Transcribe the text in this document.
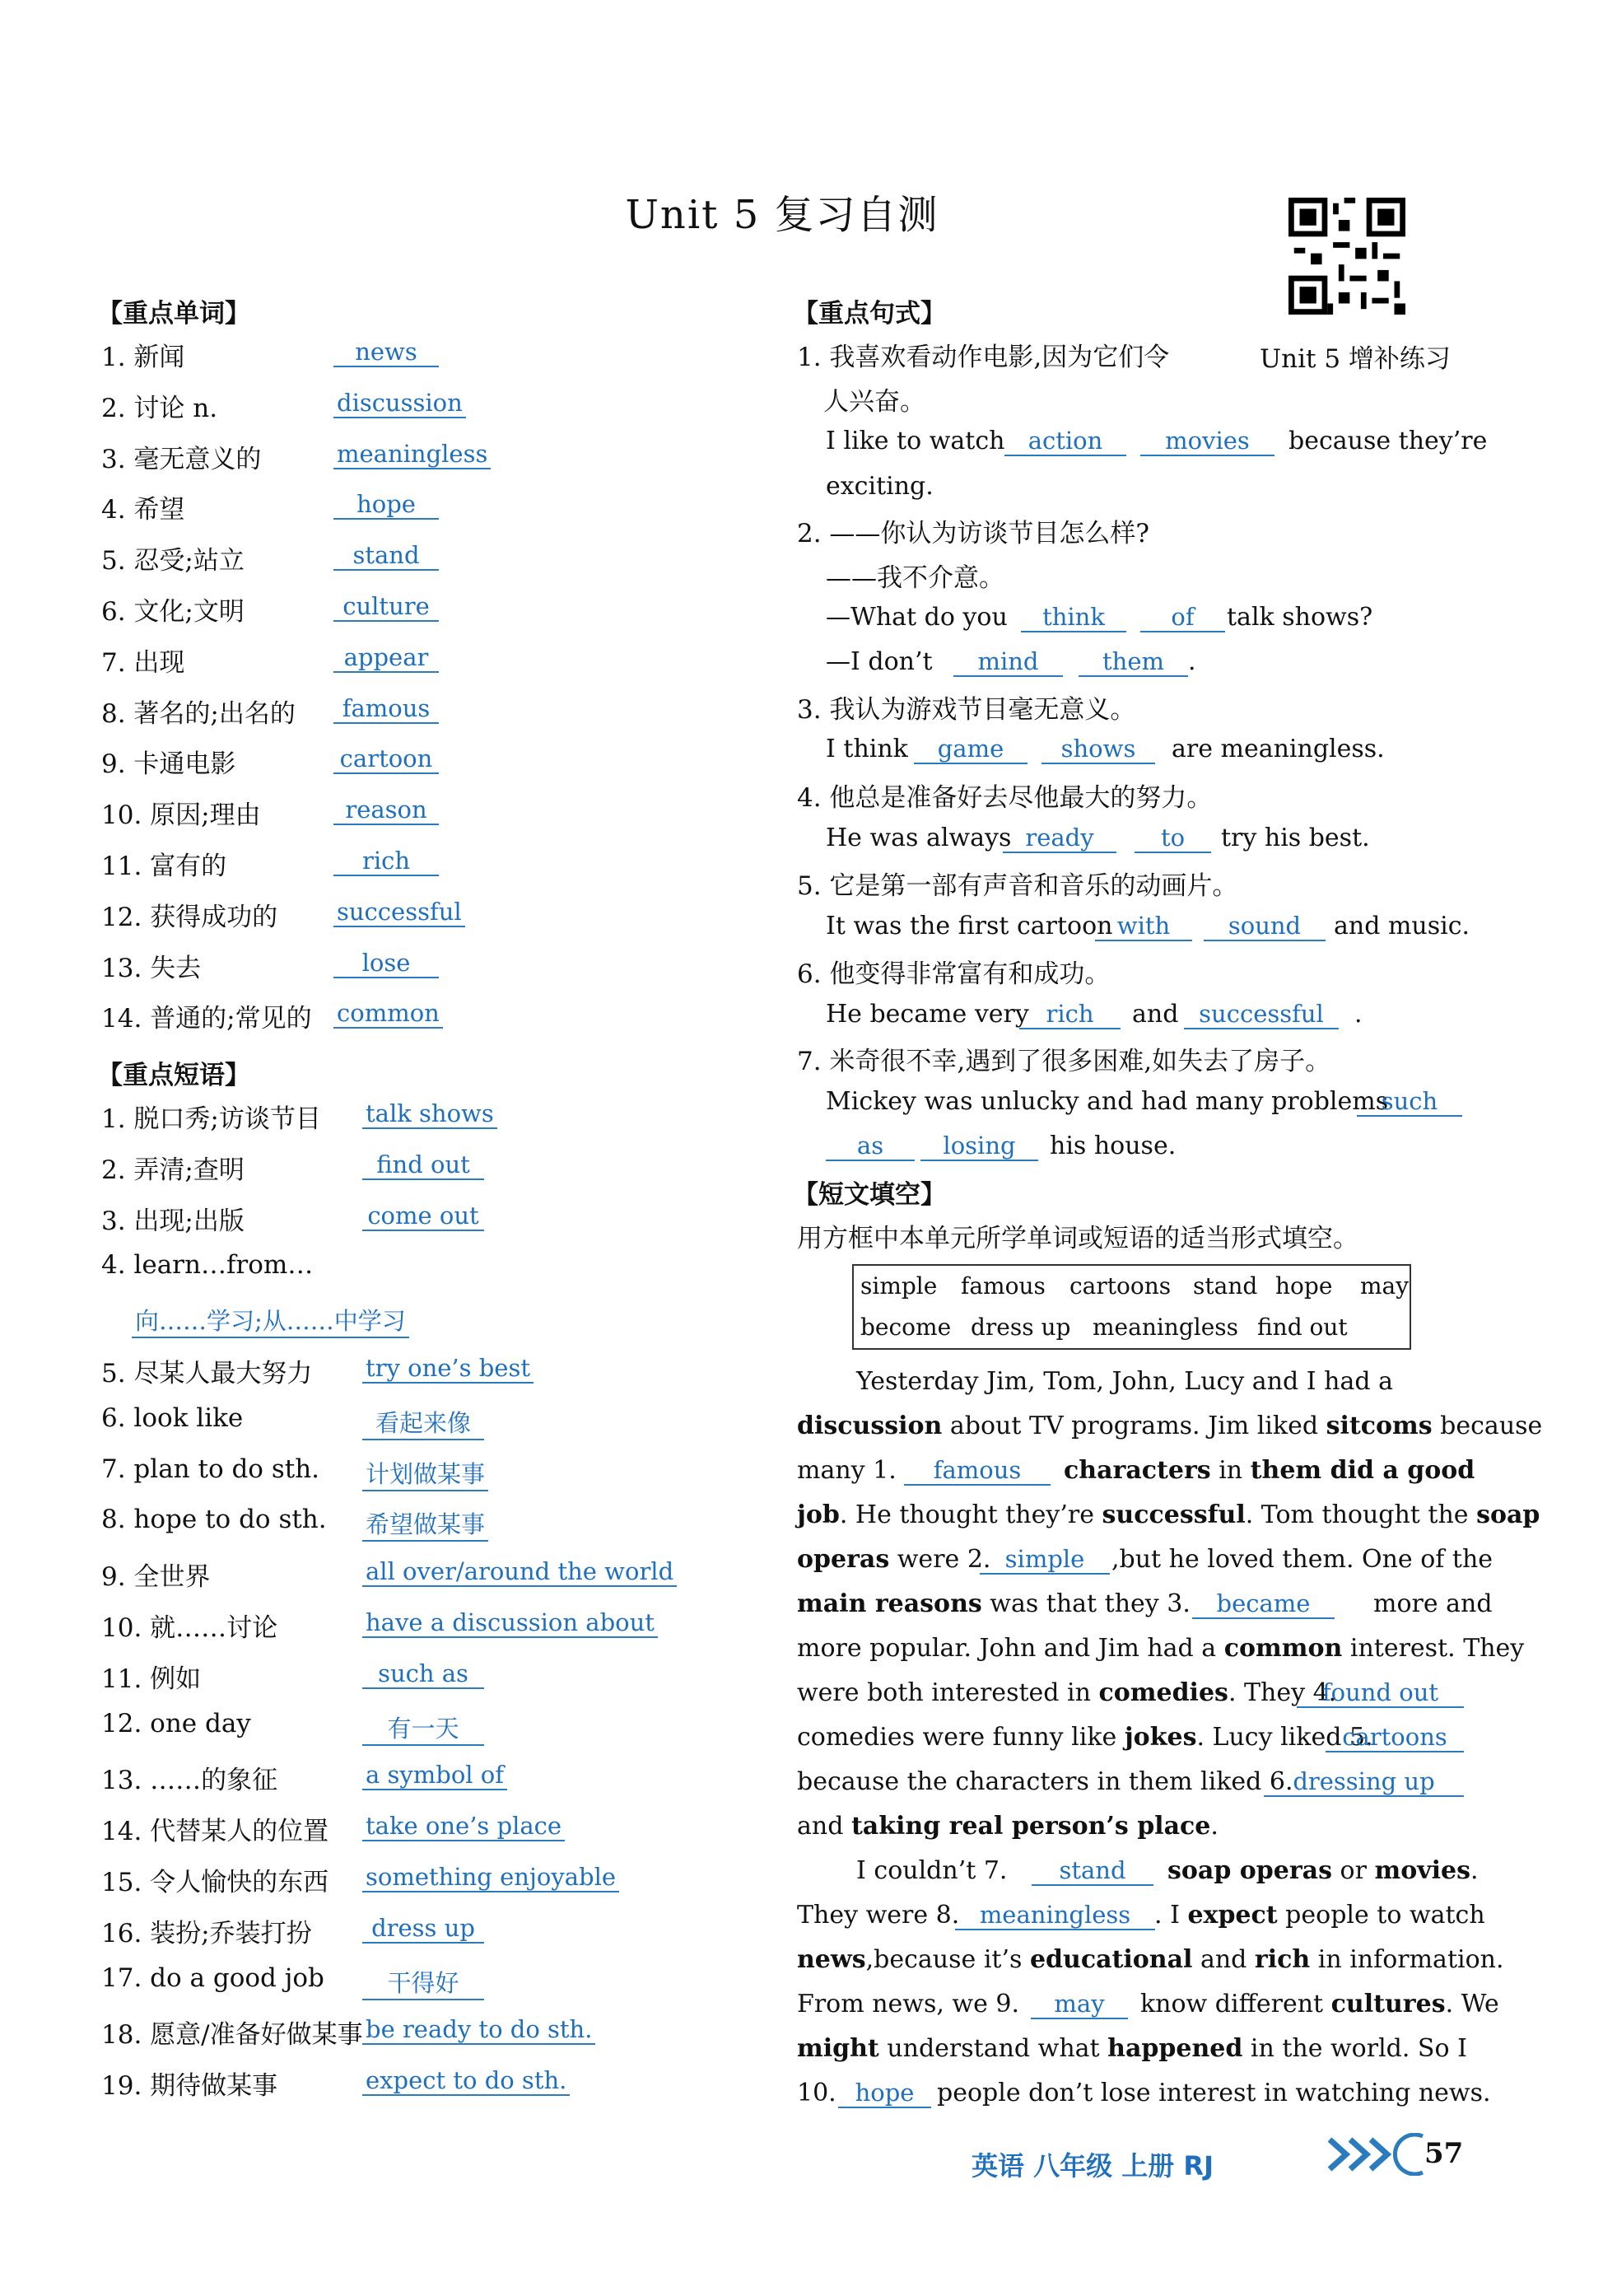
Unit 5 复习自测
Unit 5 增补练习
【重点单词】
1. 新闻	news
2. 讨论 n.	discussion
3. 毫无意义的	meaningless
4. 希望	hope
5. 忍受;站立	stand
6. 文化;文明	culture
7. 出现	appear
8. 著名的;出名的	famous
9. 卡通电影	cartoon
10. 原因;理由	reason
11. 富有的	rich
12. 获得成功的 successful
13. 失去	lose
14. 普通的;常见的 common
【重点短语】
1. 脱口秀;访谈节目 talk shows
2. 弄清;查明	find out
3. 出现;出版	come out
4. learn…from…
向……学习;从……中学习
5. 尽某人最大努力 try one’s best
6. look like	看起来像
7. plan to do sth. 计划做某事
8. hope to do sth. 希望做某事
9. 全世界	all over/around the world
10. 就……讨论	have a discussion about
11. 例如	such as
12. one day	有一天
13. ……的象征	a symbol of
14. 代替某人的位置 take one’s place
15. 令人愉快的东西 something enjoyable
16. 装扮;乔装打扮	dress up
17. do a good job	干得好
18. 愿意/准备好做某事 be ready to do sth.
19. 期待做某事	expect to do sth.
【重点句式】
1. 我喜欢看动作电影,因为它们令
人兴奋。
I like to watch action	movies	because they’re
exciting.
2. ——你认为访谈节目怎么样?
——我不介意。
—What do you	think	of	talk shows?
—I don’t	mind	them .
3. 我认为游戏节目毫无意义。
I think	game	shows	are meaningless.
4. 他总是准备好去尽他最大的努力。
He was always ready	to	try his best.
5. 它是第一部有声音和音乐的动画片。
It was the first cartoon with	sound	and music.
6. 他变得非常富有和成功。
He became very rich	and successful	.
7. 米奇很不幸,遇到了很多困难,如失去了房子。
Mickey was unlucky and had many problems
such
as	losing	his house.
【短文填空】
用方框中本单元所学单词或短语的适当形式填空。
simple famous cartoons stand hope may
become dress up meaningless find out
Yesterday Jim, Tom, John, Lucy and I had a
discussion about TV programs. Jim liked sitcoms because
many 1.	famous	characters in them did a good
job. He thought they’re successful. Tom thought the soap
operas were 2. simple	,but he loved them. One of the
main reasons was that they 3.	became	more and
more popular. John and Jim had a common interest. They
were both interested in comedies. They 4.
found out
comedies were funny like jokes. Lucy liked 5.
cartoons
because the characters in them liked 6. dressing up
and taking real person’s place.
I couldn’t 7.	stand	soap operas or movies.
They were 8. meaningless . I expect people to watch
news,because it’s educational and rich in information.
From news, we 9.	may	know different cultures. We
might understand what happened in the world. So I
10. hope people don’t lose interest in watching news.
英语 八年级 上册 RJ	57
